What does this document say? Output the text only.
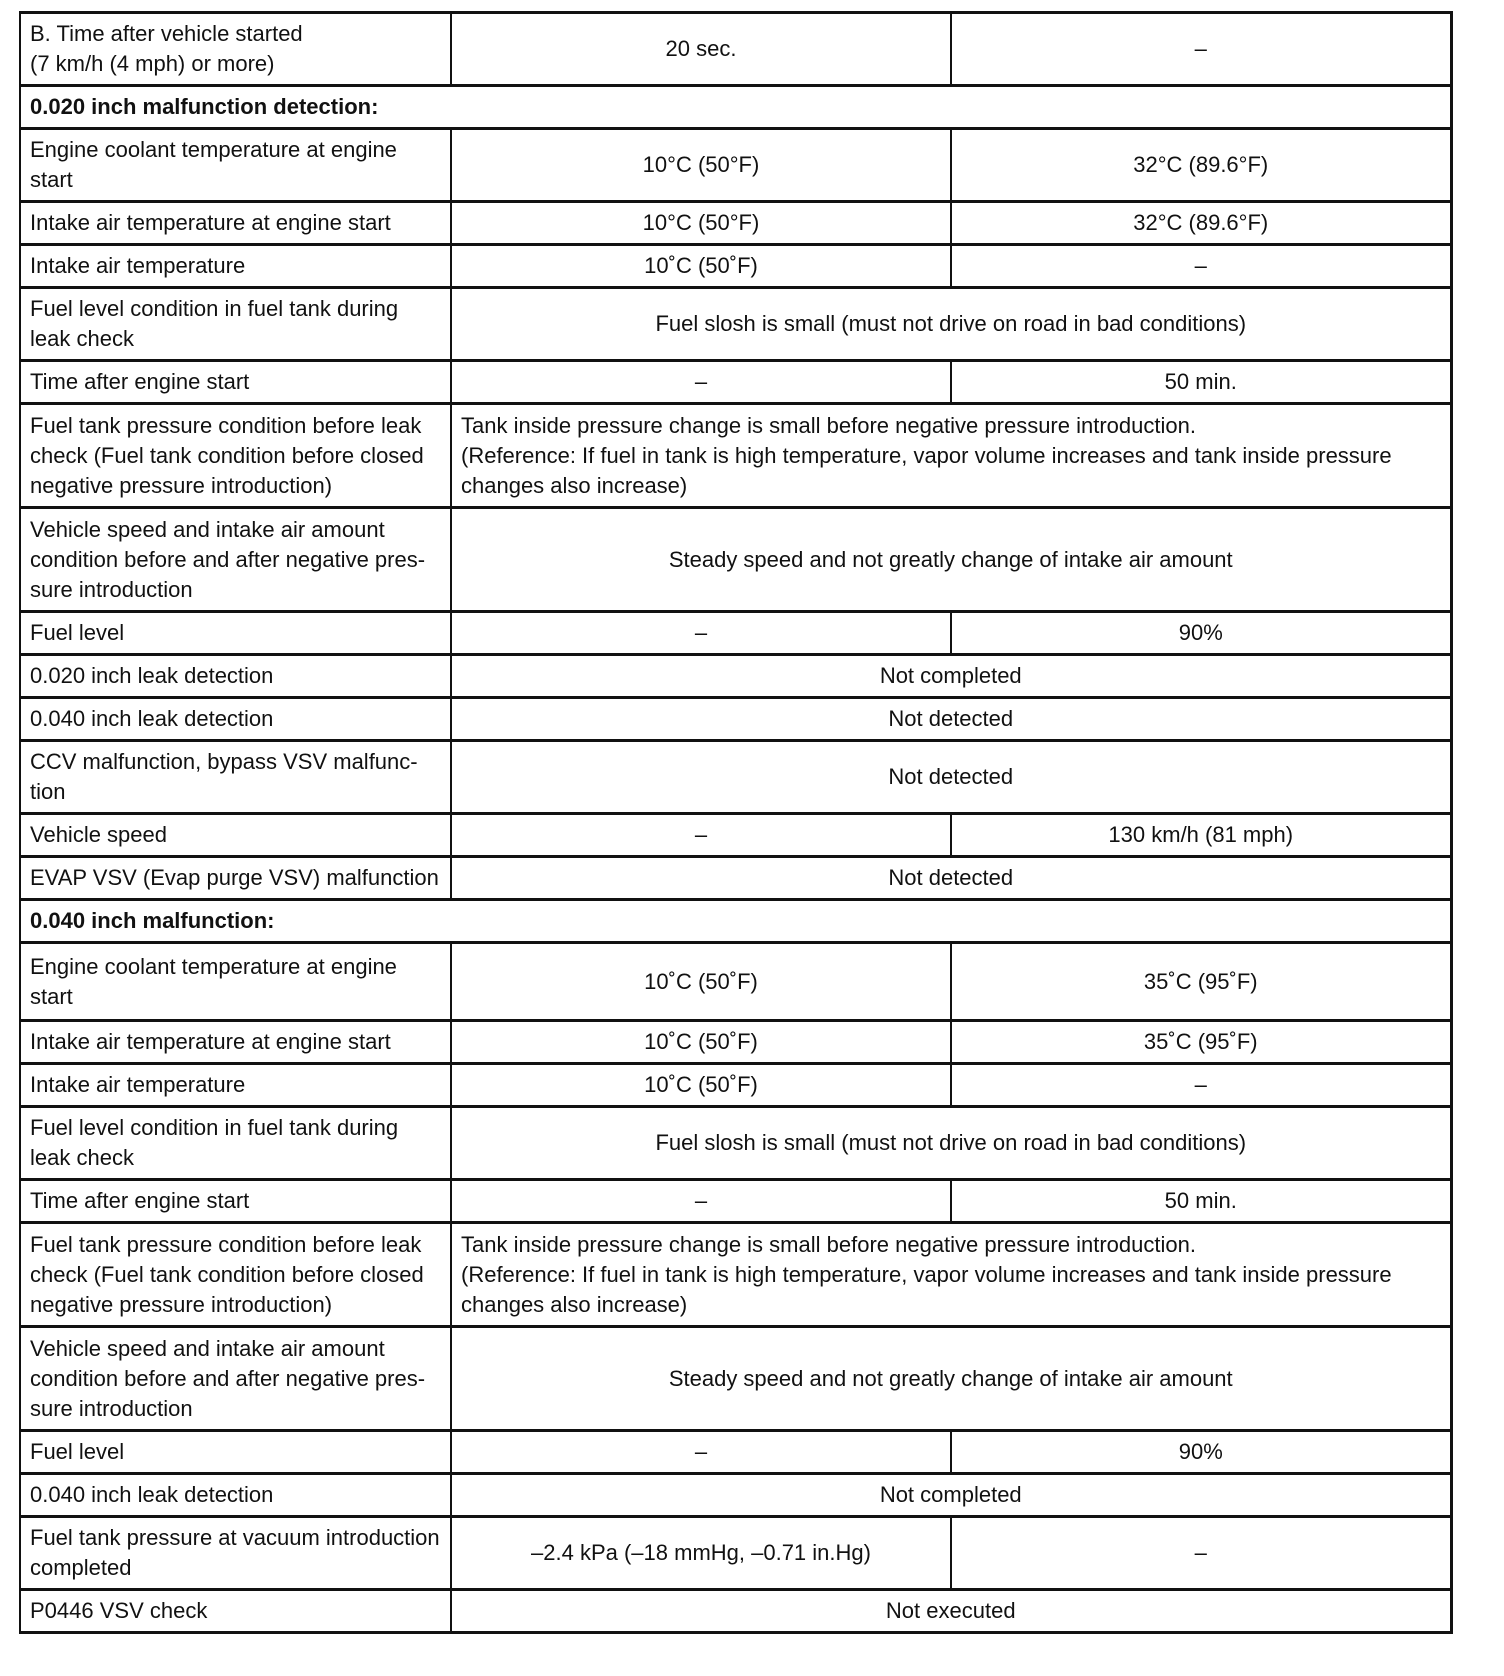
B. Time after vehicle started
(7 km/h (4 mph) or more)	20 sec.	–
0.020 inch malfunction detection:		
Engine coolant temperature at engine start	10°C (50°F)	32°C (89.6°F)
Intake air temperature at engine start	10°C (50°F)	32°C (89.6°F)
Intake air temperature	10˚C (50˚F)	–
Fuel level condition in fuel tank during leak check	Fuel slosh is small (must not drive on road in bad conditions)	
Time after engine start	–	50 min.
Fuel tank pressure condition before leak check (Fuel tank condition before closed negative pressure introduction)	Tank inside pressure change is small before negative pressure introduction.
(Reference: If fuel in tank is high temperature, vapor volume increases and tank inside pressure changes also increase)	
Vehicle speed and intake air amount condition before and after negative pres-sure introduction	Steady speed and not greatly change of intake air amount	
Fuel level	–	90%
0.020 inch leak detection	Not completed	
0.040 inch leak detection	Not detected	
CCV malfunction, bypass VSV malfunc-tion	Not detected	
Vehicle speed	–	130 km/h (81 mph)
EVAP VSV (Evap purge VSV) malfunction	Not detected	
0.040 inch malfunction:		
Engine coolant temperature at engine start	10˚C (50˚F)	35˚C (95˚F)
Intake air temperature at engine start	10˚C (50˚F)	35˚C (95˚F)
Intake air temperature	10˚C (50˚F)	–
Fuel level condition in fuel tank during leak check	Fuel slosh is small (must not drive on road in bad conditions)	
Time after engine start	–	50 min.
Fuel tank pressure condition before leak check (Fuel tank condition before closed negative pressure introduction)	Tank inside pressure change is small before negative pressure introduction.
(Reference: If fuel in tank is high temperature, vapor volume increases and tank inside pressure changes also increase)	
Vehicle speed and intake air amount condition before and after negative pres-sure introduction	Steady speed and not greatly change of intake air amount	
Fuel level	–	90%
0.040 inch leak detection	Not completed	
Fuel tank pressure at vacuum introduction completed	–2.4 kPa (–18 mmHg, –0.71 in.Hg)	–
P0446 VSV check	Not executed	
